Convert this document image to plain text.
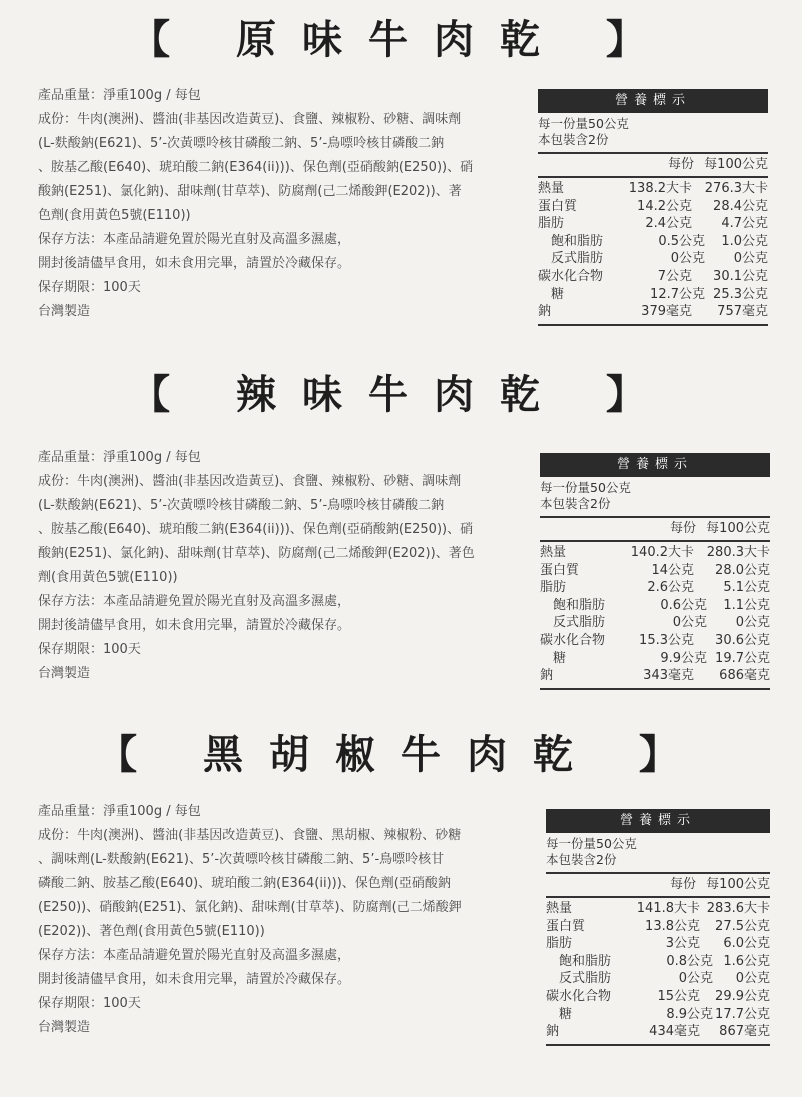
【 原味牛肉乾 】

產品重量：淨重100g / 每包

成份：牛肉(澳洲)、醬油(非基因改造黃豆)、食鹽、辣椒粉、砂糖、調味劑

(L-麩酸鈉(E621)、5’-次黃嘌呤核甘磷酸二鈉、5’-鳥嘌呤核甘磷酸二鈉

、胺基乙酸(E640)、琥珀酸二鈉(E364(ii)))、保色劑(亞硝酸鈉(E250))、硝

酸鈉(E251)、氯化鈉)、甜味劑(甘草萃)、防腐劑(己二烯酸鉀(E202))、著

色劑(食用黃色5號(E110))

保存方法：本產品請避免置於陽光直射及高溫多濕處，

開封後請儘早食用，如未食用完畢，請置於冷藏保存。

保存期限：100天

台灣製造

營養標示
每一份量50公克
本包裝含2份
每份 每100公克
熱量	138.2大卡 276.3大卡
蛋白質	14.2公克	28.4公克
脂肪	2.4公克	4.7公克
飽和脂肪	0.5公克	1.0公克
反式脂肪	0公克	0公克
碳水化合物	7公克	30.1公克
糖	12.7公克 25.3公克
鈉	379毫克	757毫克
【 辣味牛肉乾 】

產品重量：淨重100g / 每包

成份：牛肉(澳洲)、醬油(非基因改造黃豆)、食鹽、辣椒粉、砂糖、調味劑

(L-麩酸鈉(E621)、5’-次黃嘌呤核甘磷酸二鈉、5’-鳥嘌呤核甘磷酸二鈉

、胺基乙酸(E640)、琥珀酸二鈉(E364(ii)))、保色劑(亞硝酸鈉(E250))、硝

酸鈉(E251)、氯化鈉)、甜味劑(甘草萃)、防腐劑(己二烯酸鉀(E202))、著色

劑(食用黃色5號(E110))

保存方法：本產品請避免置於陽光直射及高溫多濕處，

開封後請儘早食用，如未食用完畢，請置於冷藏保存。

保存期限：100天

台灣製造

營養標示
每一份量50公克
本包裝含2份
每份 每100公克
熱量	140.2大卡 280.3大卡
蛋白質	14公克	28.0公克
脂肪	2.6公克	5.1公克
飽和脂肪	0.6公克	1.1公克
反式脂肪	0公克	0公克
碳水化合物	15.3公克	30.6公克
糖	9.9公克 19.7公克
鈉	343毫克	686毫克
【 黑胡椒牛肉乾 】

產品重量：淨重100g / 每包

成份：牛肉(澳洲)、醬油(非基因改造黃豆)、食鹽、黑胡椒、辣椒粉、砂糖

、調味劑(L-麩酸鈉(E621)、5’-次黃嘌呤核甘磷酸二鈉、5’-鳥嘌呤核甘

磷酸二鈉、胺基乙酸(E640)、琥珀酸二鈉(E364(ii)))、保色劑(亞硝酸鈉

(E250))、硝酸鈉(E251)、氯化鈉)、甜味劑(甘草萃)、防腐劑(己二烯酸鉀

(E202))、著色劑(食用黃色5號(E110))

保存方法：本產品請避免置於陽光直射及高溫多濕處，

開封後請儘早食用，如未食用完畢，請置於冷藏保存。

保存期限：100天

台灣製造

營養標示
每一份量50公克
本包裝含2份
每份 每100公克
熱量	141.8大卡 283.6大卡
蛋白質	13.8公克	27.5公克
脂肪	3公克	6.0公克
飽和脂肪	0.8公克 1.6公克
反式脂肪	0公克	0公克
碳水化合物	15公克	29.9公克
糖	8.9公克 17.7公克
鈉	434毫克	867毫克
